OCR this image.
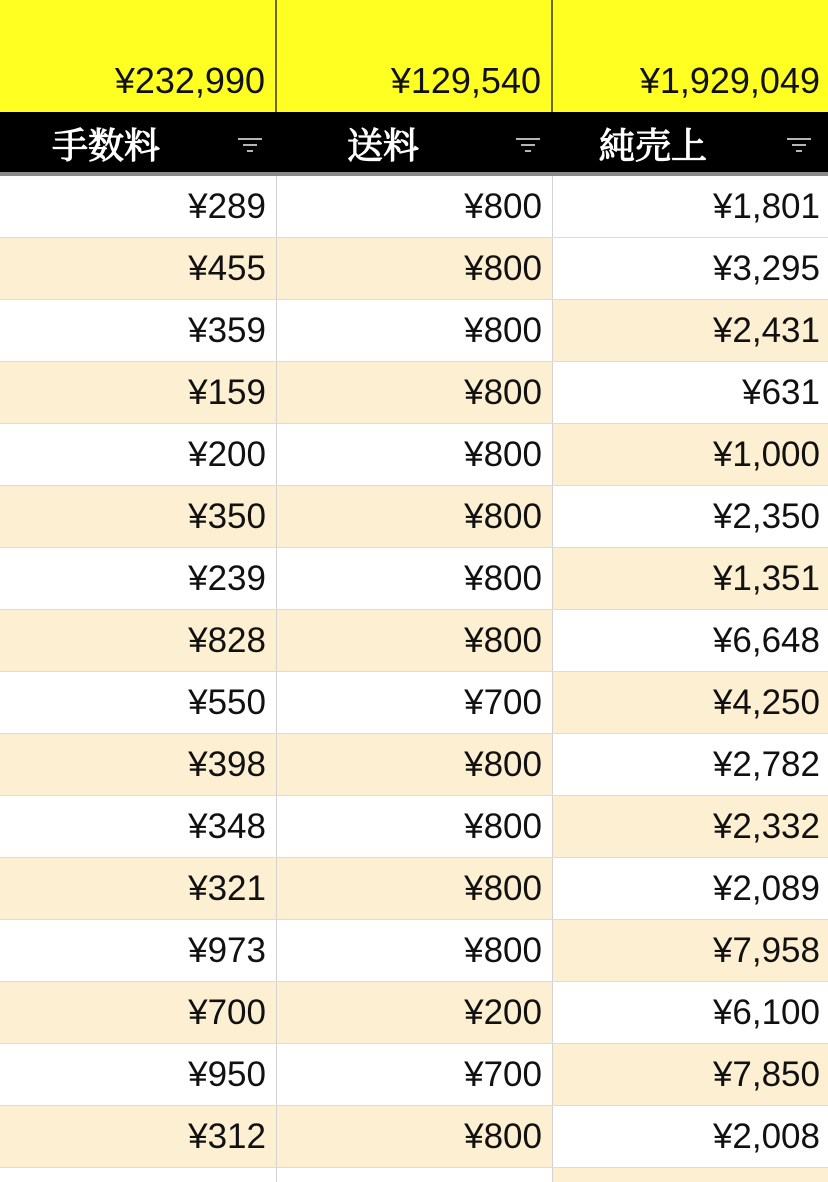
¥232,990	¥129,540	¥1,929,049
手数料	送料	純売上
¥289	¥800	¥1,801
¥455	¥800	¥3,295
¥359	¥800	¥2,431
¥159	¥800	¥631
¥200	¥800	¥1,000
¥350	¥800	¥2,350
¥239	¥800	¥1,351
¥828	¥800	¥6,648
¥550	¥700	¥4,250
¥398	¥800	¥2,782
¥348	¥800	¥2,332
¥321	¥800	¥2,089
¥973	¥800	¥7,958
¥700	¥200	¥6,100
¥950	¥700	¥7,850
¥312	¥800	¥2,008
